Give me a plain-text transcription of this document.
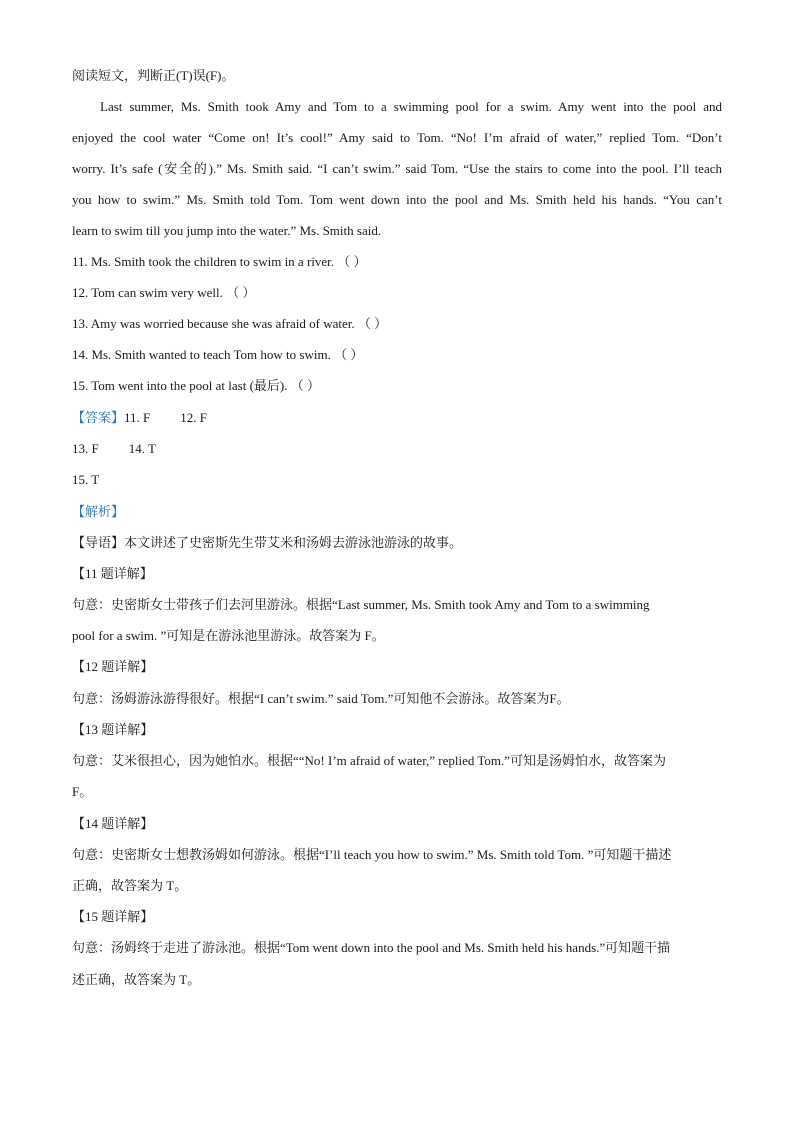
阅读短文，判断正(T)误(F)。
Last summer, Ms. Smith took Amy and Tom to a swimming pool for a swim. Amy went into the pool and
enjoyed the cool water “Come on! It’s cool!” Amy said to Tom. “No! I’m afraid of water,” replied Tom. “Don’t
worry. It’s safe (安全的).” Ms. Smith said. “I can’t swim.” said Tom. “Use the stairs to come into the pool. I’ll teach
you how to swim.” Ms. Smith told Tom. Tom went down into the pool and Ms. Smith held his hands. “You can’t
learn to swim till you jump into the water.” Ms. Smith said.
11. Ms. Smith took the children to swim in a river. （ ）
12. Tom can swim very well. （ ）
13. Amy was worried because she was afraid of water. （ ）
14. Ms. Smith wanted to teach Tom how to swim. （ ）
15. Tom went into the pool at last (最后). （ ）
【答案】11. F 12. F
13. F 14. T
15. T
【解析】
【导语】本文讲述了史密斯先生带艾米和汤姆去游泳池游泳的故事。
【11 题详解】
句意：史密斯女士带孩子们去河里游泳。根据“Last summer, Ms. Smith took Amy and Tom to a swimming
pool for a swim. ”可知是在游泳池里游泳。故答案为 F。
【12 题详解】
句意：汤姆游泳游得很好。根据“I can’t swim.” said Tom.”可知他不会游泳。故答案为F。
【13 题详解】
句意：艾米很担心，因为她怕水。根据““No! I’m afraid of water,” replied Tom.”可知是汤姆怕水，故答案为
F。
【14 题详解】
句意：史密斯女士想教汤姆如何游泳。根据“I’ll teach you how to swim.” Ms. Smith told Tom. ”可知题干描述
正确，故答案为 T。
【15 题详解】
句意：汤姆终于走进了游泳池。根据“Tom went down into the pool and Ms. Smith held his hands.”可知题干描
述正确，故答案为 T。
